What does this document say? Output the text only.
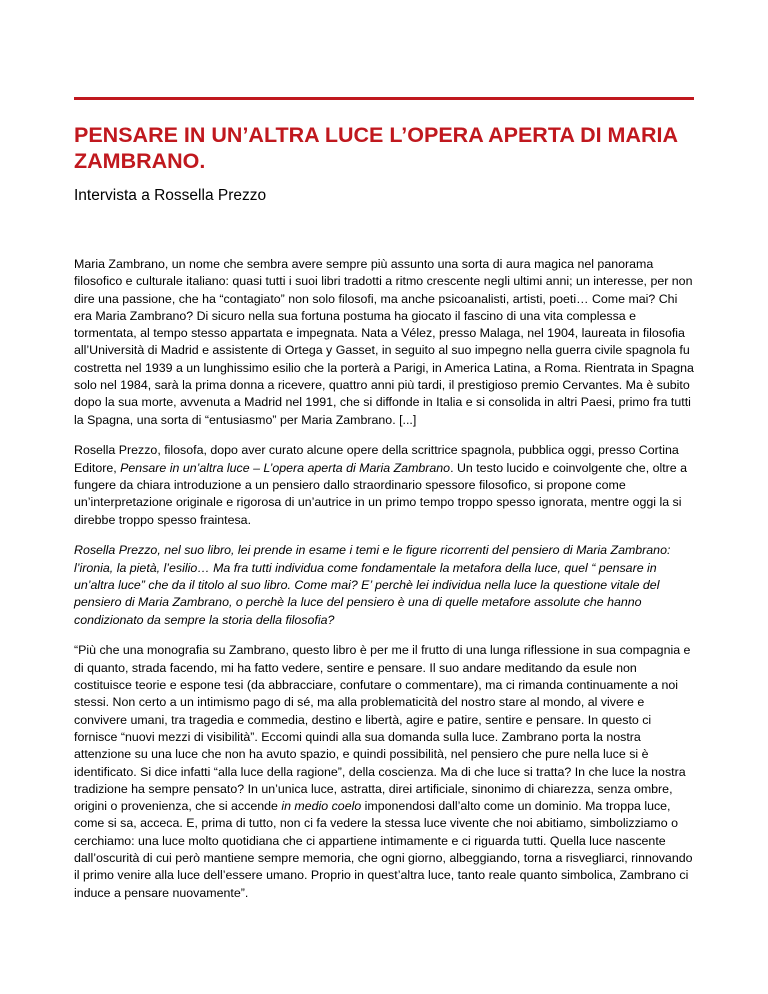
PENSARE IN UN’ALTRA LUCE L’OPERA APERTA DI MARIA ZAMBRANO.
Intervista a Rossella Prezzo

Maria Zambrano, un nome che sembra avere sempre più assunto una sorta di aura magica nel panorama filosofico e culturale italiano: quasi tutti i suoi libri tradotti a ritmo crescente negli ultimi anni; un interesse, per non dire una passione, che ha “contagiato” non solo filosofi, ma anche psicoanalisti, artisti, poeti… Come mai? Chi era Maria Zambrano? Di sicuro nella sua fortuna postuma ha giocato il fascino di una vita complessa e tormentata, al tempo stesso appartata e impegnata. Nata a Vélez, presso Malaga, nel 1904, laureata in filosofia all’Università di Madrid e assistente di Ortega y Gasset, in seguito al suo impegno nella guerra civile spagnola fu costretta nel 1939 a un lunghissimo esilio che la porterà a Parigi, in America Latina, a Roma. Rientrata in Spagna solo nel 1984, sarà la prima donna a ricevere, quattro anni più tardi, il prestigioso premio Cervantes. Ma è subito dopo la sua morte, avvenuta a Madrid nel 1991, che si diffonde in Italia e si consolida in altri Paesi, primo fra tutti la Spagna, una sorta di “entusiasmo” per Maria Zambrano. [...]

Rosella Prezzo, filosofa, dopo aver curato alcune opere della scrittrice spagnola, pubblica oggi, presso Cortina Editore, Pensare in un’altra luce – L’opera aperta di Maria Zambrano. Un testo lucido e coinvolgente che, oltre a fungere da chiara introduzione a un pensiero dallo straordinario spessore filosofico, si propone come un’interpretazione originale e rigorosa di un’autrice in un primo tempo troppo spesso ignorata, mentre oggi la si direbbe troppo spesso fraintesa.

Rosella Prezzo, nel suo libro, lei prende in esame i temi e le figure ricorrenti del pensiero di Maria Zambrano: l’ironia, la pietà, l’esilio… Ma fra tutti individua come fondamentale la metafora della luce, quel “ pensare in un’altra luce” che da il titolo al suo libro. Come mai? E’ perchè lei individua nella luce la questione vitale del pensiero di Maria Zambrano, o perchè la luce del pensiero è una di quelle metafore assolute che hanno condizionato da sempre la storia della filosofia?

“Più che una monografia su Zambrano, questo libro è per me il frutto di una lunga riflessione in sua compagnia e di quanto, strada facendo, mi ha fatto vedere, sentire e pensare. Il suo andare meditando da esule non costituisce teorie e espone tesi (da abbracciare, confutare o commentare), ma ci rimanda continuamente a noi stessi. Non certo a un intimismo pago di sé, ma alla problematicità del nostro stare al mondo, al vivere e convivere umani, tra tragedia e commedia, destino e libertà, agire e patire, sentire e pensare. In questo ci fornisce “nuovi mezzi di visibilità”. Eccomi quindi alla sua domanda sulla luce. Zambrano porta la nostra attenzione su una luce che non ha avuto spazio, e quindi possibilità, nel pensiero che pure nella luce si è identificato. Si dice infatti “alla luce della ragione”, della coscienza. Ma di che luce si tratta? In che luce la nostra tradizione ha sempre pensato? In un’unica luce, astratta, direi artificiale, sinonimo di chiarezza, senza ombre, origini o provenienza, che si accende in medio coelo imponendosi dall’alto come un dominio. Ma troppa luce, come si sa, acceca. E, prima di tutto, non ci fa vedere la stessa luce vivente che noi abitiamo, simbolizziamo o cerchiamo: una luce molto quotidiana che ci appartiene intimamente e ci riguarda tutti. Quella luce nascente dall’oscurità di cui però mantiene sempre memoria, che ogni giorno, albeggiando, torna a risvegliarci, rinnovando il primo venire alla luce dell’essere umano. Proprio in quest’altra luce, tanto reale quanto simbolica, Zambrano ci induce a pensare nuovamente”.
